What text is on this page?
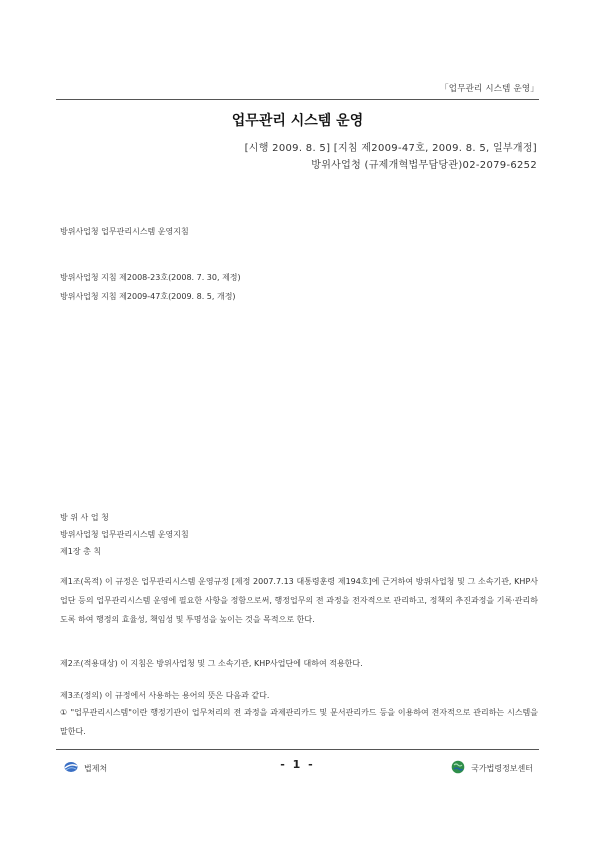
「업무관리 시스템 운영」
업무관리 시스템 운영
[시행 2009. 8. 5] [지침 제2009-47호, 2009. 8. 5, 일부개정]
방위사업청 (규제개혁법무담당관)02-2079-6252
방위사업청 업무관리시스템 운영지침
방위사업청 지침 제2008-23호(2008. 7. 30, 제정)
방위사업청 지침 제2009-47호(2009. 8. 5, 개정)
방 위 사 업 청
방위사업청 업무관리시스템 운영지침
제1장 총 칙
제1조(목적) 이 규정은 업무관리시스템 운영규정 [제정 2007.7.13 대통령훈령 제194호]에 근거하여 방위사업청 및 그 소속기관, KHP사업단 등의 업무관리시스템 운영에 필요한 사항을 정함으로써, 행정업무의 전 과정을 전자적으로 관리하고, 정책의 추진과정을 기록·관리하도록 하여 행정의 효율성, 책임성 및 투명성을 높이는 것을 목적으로 한다.
제2조(적용대상) 이 지침은 방위사업청 및 그 소속기관, KHP사업단에 대하여 적용한다.
제3조(정의) 이 규정에서 사용하는 용어의 뜻은 다음과 같다.
① "업무관리시스템"이란 행정기관이 업무처리의 전 과정을 과제관리카드 및 문서관리카드 등을 이용하여 전자적으로 관리하는 시스템을 말한다.
법제처	- 1 -	국가법령정보센터
